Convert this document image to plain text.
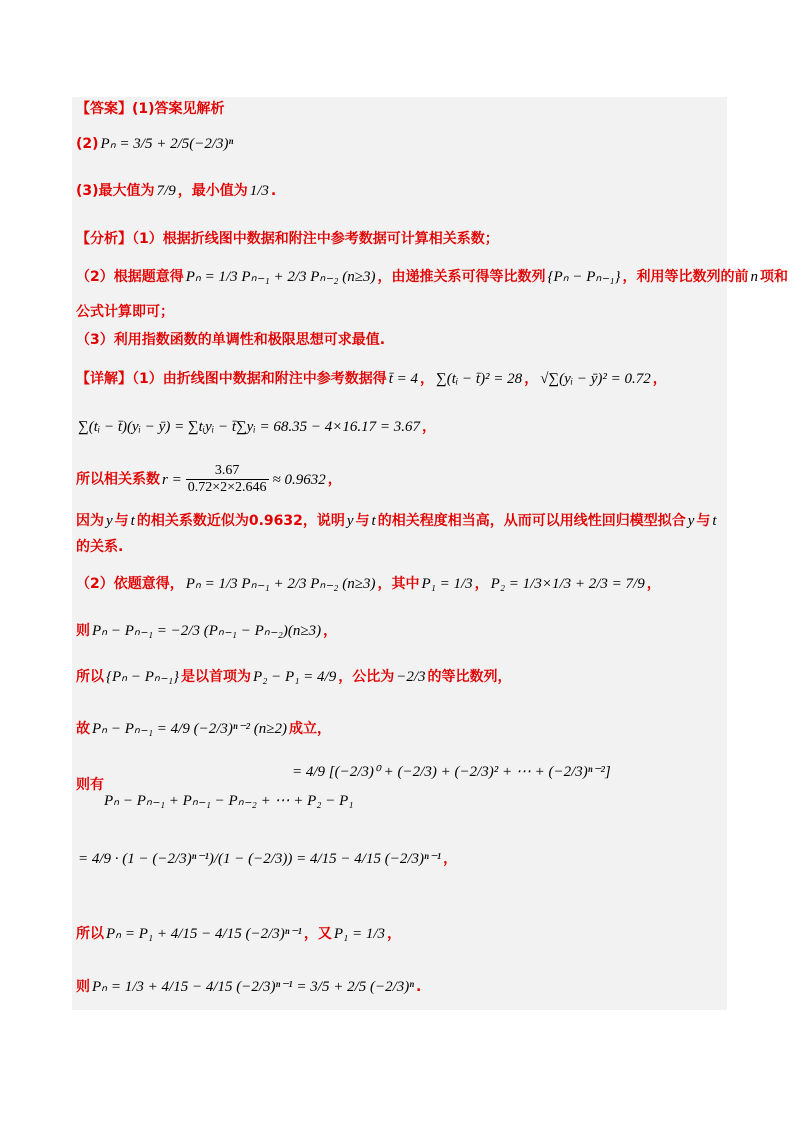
【答案】(1)答案见解析
(2) Pₙ = 3/5 + 2/5(−2/3)ⁿ
(3)最大值为 7/9 ，最小值为 1/3 .
【分析】（1）根据折线图中数据和附注中参考数据可计算相关系数；
（2）根据题意得 Pₙ = 1/3 Pₙ₋₁ + 2/3 Pₙ₋₂ (n≥3) ，由递推关系可得等比数列 {Pₙ − Pₙ₋₁} ，利用等比数列的前 n 项和
公式计算即可；
（3）利用指数函数的单调性和极限思想可求最值.
【详解】（1）由折线图中数据和附注中参考数据得 t̄ = 4 ， ∑(tᵢ − t̄)² = 28 ， √∑(yᵢ − ȳ)² = 0.72 ，
∑(tᵢ − t̄)(yᵢ − ȳ) = ∑tᵢyᵢ − t̄∑yᵢ = 68.35 − 4×16.17 = 3.67 ，
所以相关系数 $r = \frac{3.67}{0.72\times 2\times 2.646} \approx 0.9632$ ，
因为 y 与 t 的相关系数近似为0.9632，说明 y 与 t 的相关程度相当高，从而可以用线性回归模型拟合 y 与 t
的关系.
（2）依题意得， Pₙ = 1/3 Pₙ₋₁ + 2/3 Pₙ₋₂ (n≥3) ，其中 P₁ = 1/3 ， P₂ = 1/3×1/3 + 2/3 = 7/9 ，
则 Pₙ − Pₙ₋₁ = −2/3 (Pₙ₋₁ − Pₙ₋₂)(n≥3) ，
所以 {Pₙ − Pₙ₋₁} 是以首项为 P₂ − P₁ = 4/9 ，公比为 −2/3 的等比数列，
故 Pₙ − Pₙ₋₁ = 4/9 (−2/3)ⁿ⁻² (n≥2) 成立，
则有
= 4/9 [(−2/3)⁰ + (−2/3) + (−2/3)² + ⋯ + (−2/3)ⁿ⁻²]
Pₙ − Pₙ₋₁ + Pₙ₋₁ − Pₙ₋₂ + ⋯ + P₂ − P₁
= 4/9 · (1 − (−2/3)ⁿ⁻¹)/(1 − (−2/3)) = 4/15 − 4/15 (−2/3)ⁿ⁻¹ ，
所以 Pₙ = P₁ + 4/15 − 4/15 (−2/3)ⁿ⁻¹ ，又 P₁ = 1/3 ，
则 Pₙ = 1/3 + 4/15 − 4/15 (−2/3)ⁿ⁻¹ = 3/5 + 2/5 (−2/3)ⁿ .
